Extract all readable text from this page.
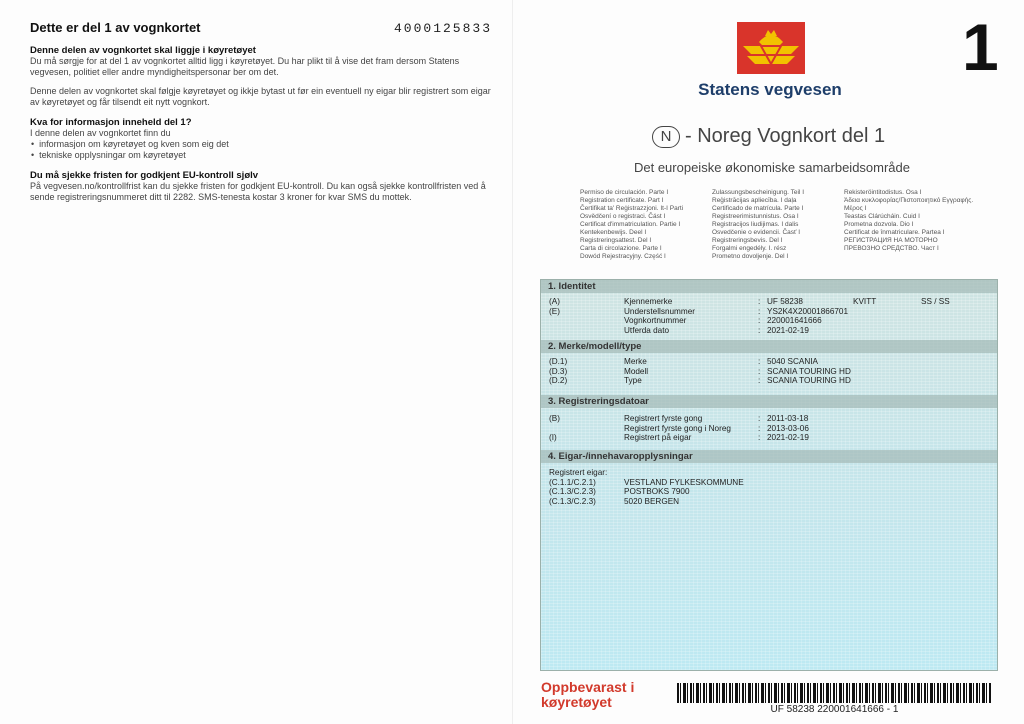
Dette er del 1 av vognkortet	4000125833
Denne delen av vognkortet skal liggje i køyretøyet

Du må sørgje for at del 1 av vognkortet alltid ligg i køyretøyet. Du har plikt til å vise det fram dersom Statens vegvesen, politiet eller andre myndigheitspersonar ber om det.

Denne delen av vognkortet skal følgje køyretøyet og ikkje bytast ut før ein eventuell ny eigar blir registrert som eigar av køyretøyet og får tilsendt eit nytt vognkort.

Kva for informasjon inneheld del 1?

I denne delen av vognkortet finn du

• informasjon om køyretøyet og kven som eig det
• tekniske opplysningar om køyretøyet
Du må sjekke fristen for godkjent EU-kontroll sjølv

På vegvesen.no/kontrollfrist kan du sjekke fristen for godkjent EU-kontroll. Du kan også sjekke kontrollfristen ved å sende registreringsnummeret ditt til 2282. SMS-tenesta kostar 3 kroner for kvar SMS du mottek.

Statens vegvesen
1
N - Noreg Vognkort del 1
Det europeiske økonomiske samarbeidsområde
Permiso de circulación. Parte I
Registration certificate. Part I
Čertifikat ta' Reġistrazzjoni. It-I Parti
Osvědčení o registraci. Část I
Certificat d'immatriculation. Partie I
Kentekenbewijs. Deel I
Registreringsattest. Del I
Carta di circolazione. Parte I
Dowód Rejestracyjny. Część I
Zulassungsbescheinigung. Teil I
Reģistrācijas apliecība. I daļa
Certificado de matrícula. Parte I
Registreerimistunnistus. Osa I
Registracijos liudijimas. I dalis
Osvedčenie o evidencii. Časť I
Registreringsbevis. Del I
Forgalmi engedély. I. rész
Prometno dovoljenje. Del I
Rekisteröintitodistus. Osa I
Άδεια κυκλοφορίας/Πιστοποιητικό Εγγραφής. Μέρος Ι
Teastas Clárúcháin. Cuid I
Prometna dozvola. Dio I
Certificat de înmatriculare. Partea I
РЕГИСТРАЦИЯ НА МОТОРНО ПРЕВОЗНО СРЕДСТВО. Част I
1. Identitet
(A)	Kjennemerke	: UF 58238	KVITT	SS / SS
(E)	Understellsnummer	: YS2K4X20001866701
Vognkortnummer	: 220001641666
Utferda dato	: 2021-02-19
2. Merke/modell/type
(D.1)	Merke	: 5040 SCANIA
(D.3)	Modell	: SCANIA TOURING HD
(D.2)	Type	: SCANIA TOURING HD
3. Registreringsdatoar
(B)	Registrert fyrste gong	: 2011-03-18
Registrert fyrste gong i Noreg	: 2013-03-06
(I)	Registrert på eigar	: 2021-02-19
4. Eigar-/innehavaropplysningar
Registrert eigar:
(C.1.1/C.2.1)	VESTLAND FYLKESKOMMUNE
(C.1.3/C.2.3)	POSTBOKS 7900
(C.1.3/C.2.3)	5020 BERGEN
Oppbevarast i
køyretøyet	UF 58238 220001641666 - 1
